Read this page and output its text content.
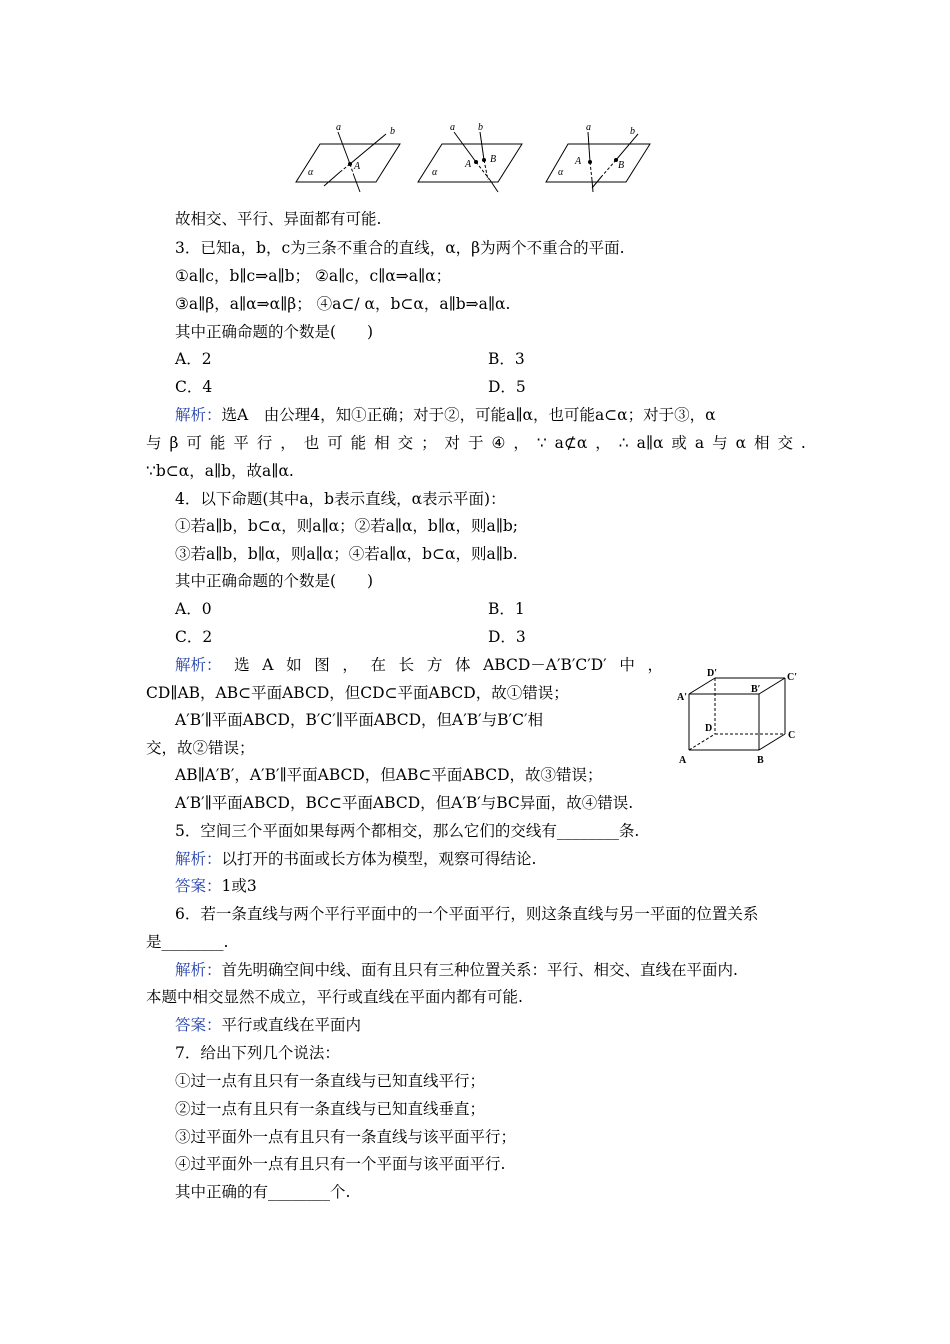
a	b
A
α
a b
A B
α
a	b
A	B
α
故相交、平行、异面都有可能.
3．已知a，b，c为三条不重合的直线，α，β为两个不重合的平面.
①a∥c，b∥c⇒a∥b； ②a∥c，c∥α⇒a∥α；
③a∥β，a∥α⇒α∥β； ④a⊂/ α，b⊂α，a∥b⇒a∥α.
其中正确命题的个数是(　　)
A．2	B．3
C．4	D．5
解析：选A　由公理4，知①正确；对于②，可能a∥α，也可能a⊂α；对于③，α
与 β 可 能 平 行 ， 也 可 能 相 交 ； 对 于 ④ ， ∵ a⊄α ， ∴ a∥α 或 a 与 α 相 交 .
∵b⊂α，a∥b，故a∥α.
4．以下命题(其中a，b表示直线，α表示平面)：
①若a∥b，b⊂α，则a∥α；②若a∥α，b∥α，则a∥b;
③若a∥b，b∥α，则a∥α；④若a∥α，b⊂α，则a∥b.
其中正确命题的个数是(　　)
A．0	B．1
C．2	D．3
解析： 选 A 如 图 ， 在 长 方 体 ABCD－A′B′C′D′ 中 ，
CD∥AB，AB⊂平面ABCD，但CD⊂平面ABCD，故①错误；
A′B′∥平面ABCD，B′C′∥平面ABCD，但A′B′与B′C′相
交，故②错误；
AB∥A′B′，A′B′∥平面ABCD，但AB⊂平面ABCD，故③错误；
A′B′∥平面ABCD，BC⊂平面ABCD，但A′B′与BC异面，故④错误.
A	B
C
D
A′
B′
C′
D′
5．空间三个平面如果每两个都相交，那么它们的交线有________条.
解析：以打开的书面或长方体为模型，观察可得结论.
答案：1或3
6．若一条直线与两个平行平面中的一个平面平行，则这条直线与另一平面的位置关系
是________.
解析：首先明确空间中线、面有且只有三种位置关系：平行、相交、直线在平面内.
本题中相交显然不成立，平行或直线在平面内都有可能.
答案：平行或直线在平面内
7．给出下列几个说法：
①过一点有且只有一条直线与已知直线平行；
②过一点有且只有一条直线与已知直线垂直；
③过平面外一点有且只有一条直线与该平面平行；
④过平面外一点有且只有一个平面与该平面平行.
其中正确的有________个.
